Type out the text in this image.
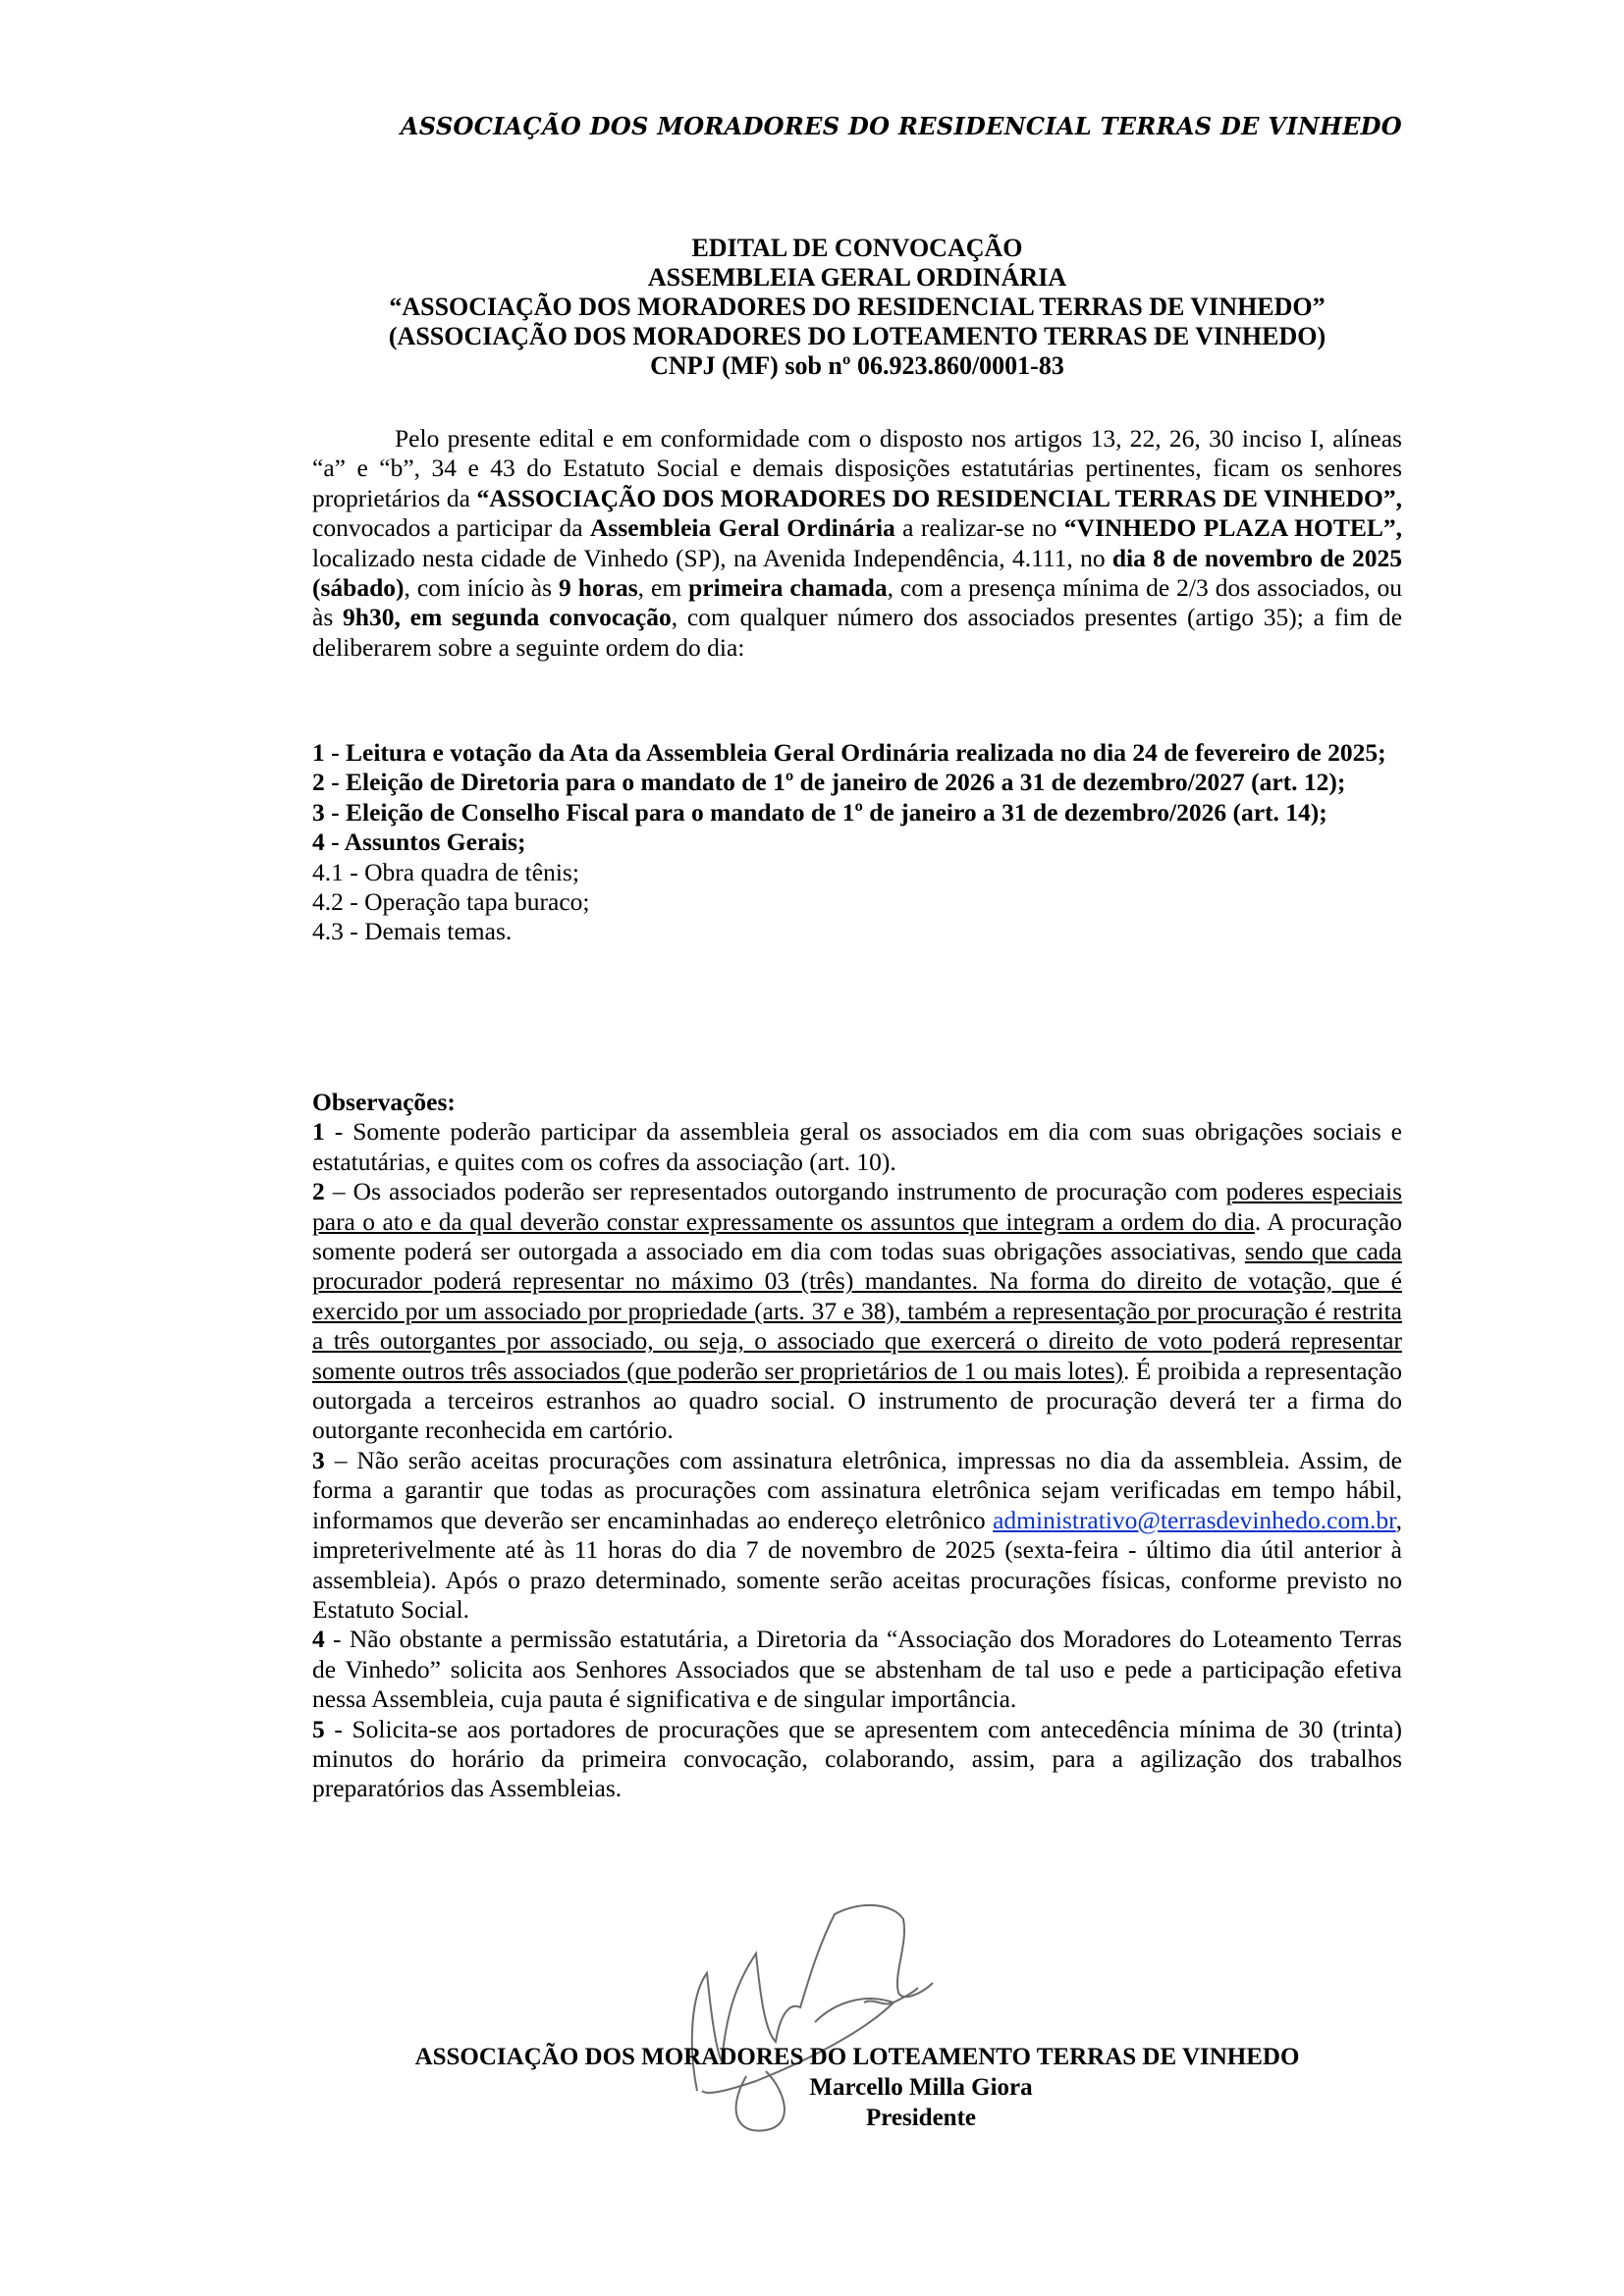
ASSOCIAÇÃO DOS MORADORES DO RESIDENCIAL TERRAS DE VINHEDO
EDITAL DE CONVOCAÇÃO
ASSEMBLEIA GERAL ORDINÁRIA
“ASSOCIAÇÃO DOS MORADORES DO RESIDENCIAL TERRAS DE VINHEDO”
(ASSOCIAÇÃO DOS MORADORES DO LOTEAMENTO TERRAS DE VINHEDO)
CNPJ (MF) sob nº 06.923.860/0001-83
Pelo presente edital e em conformidade com o disposto nos artigos 13, 22, 26, 30 inciso I, alíneas “a” e “b”, 34 e 43 do Estatuto Social e demais disposições estatutárias pertinentes, ficam os senhores proprietários da “ASSOCIAÇÃO DOS MORADORES DO RESIDENCIAL TERRAS DE VINHEDO”, convocados a participar da Assembleia Geral Ordinária a realizar-se no “VINHEDO PLAZA HOTEL”, localizado nesta cidade de Vinhedo (SP), na Avenida Independência, 4.111, no dia 8 de novembro de 2025 (sábado), com início às 9 horas, em primeira chamada, com a presença mínima de 2/3 dos associados, ou às 9h30, em segunda convocação, com qualquer número dos associados presentes (artigo 35); a fim de deliberarem sobre a seguinte ordem do dia:
1 - Leitura e votação da Ata da Assembleia Geral Ordinária realizada no dia 24 de fevereiro de 2025;
2 - Eleição de Diretoria para o mandato de 1º de janeiro de 2026 a 31 de dezembro/2027 (art. 12);
3 - Eleição de Conselho Fiscal para o mandato de 1º de janeiro a 31 de dezembro/2026 (art. 14);
4 - Assuntos Gerais;
4.1 - Obra quadra de tênis;
4.2 - Operação tapa buraco;
4.3 - Demais temas.

Observações:

1 - Somente poderão participar da assembleia geral os associados em dia com suas obrigações sociais e estatutárias, e quites com os cofres da associação (art. 10).

2 – Os associados poderão ser representados outorgando instrumento de procuração com poderes especiais para o ato e da qual deverão constar expressamente os assuntos que integram a ordem do dia. A procuração somente poderá ser outorgada a associado em dia com todas suas obrigações associativas, sendo que cada procurador poderá representar no máximo 03 (três) mandantes. Na forma do direito de votação, que é exercido por um associado por propriedade (arts. 37 e 38), também a representação por procuração é restrita a três outorgantes por associado, ou seja, o associado que exercerá o direito de voto poderá representar somente outros três associados (que poderão ser proprietários de 1 ou mais lotes). É proibida a representação outorgada a terceiros estranhos ao quadro social. O instrumento de procuração deverá ter a firma do outorgante reconhecida em cartório.

3 – Não serão aceitas procurações com assinatura eletrônica, impressas no dia da assembleia. Assim, de forma a garantir que todas as procurações com assinatura eletrônica sejam verificadas em tempo hábil, informamos que deverão ser encaminhadas ao endereço eletrônico administrativo@terrasdevinhedo.com.br, impreterivelmente até às 11 horas do dia 7 de novembro de 2025 (sexta-feira - último dia útil anterior à assembleia). Após o prazo determinado, somente serão aceitas procurações físicas, conforme previsto no Estatuto Social.

4 - Não obstante a permissão estatutária, a Diretoria da “Associação dos Moradores do Loteamento Terras de Vinhedo” solicita aos Senhores Associados que se abstenham de tal uso e pede a participação efetiva nessa Assembleia, cuja pauta é significativa e de singular importância.

5 - Solicita-se aos portadores de procurações que se apresentem com antecedência mínima de 30 (trinta) minutos do horário da primeira convocação, colaborando, assim, para a agilização dos trabalhos preparatórios das Assembleias.

ASSOCIAÇÃO DOS MORADORES DO LOTEAMENTO TERRAS DE VINHEDO
Marcello Milla Giora
Presidente
